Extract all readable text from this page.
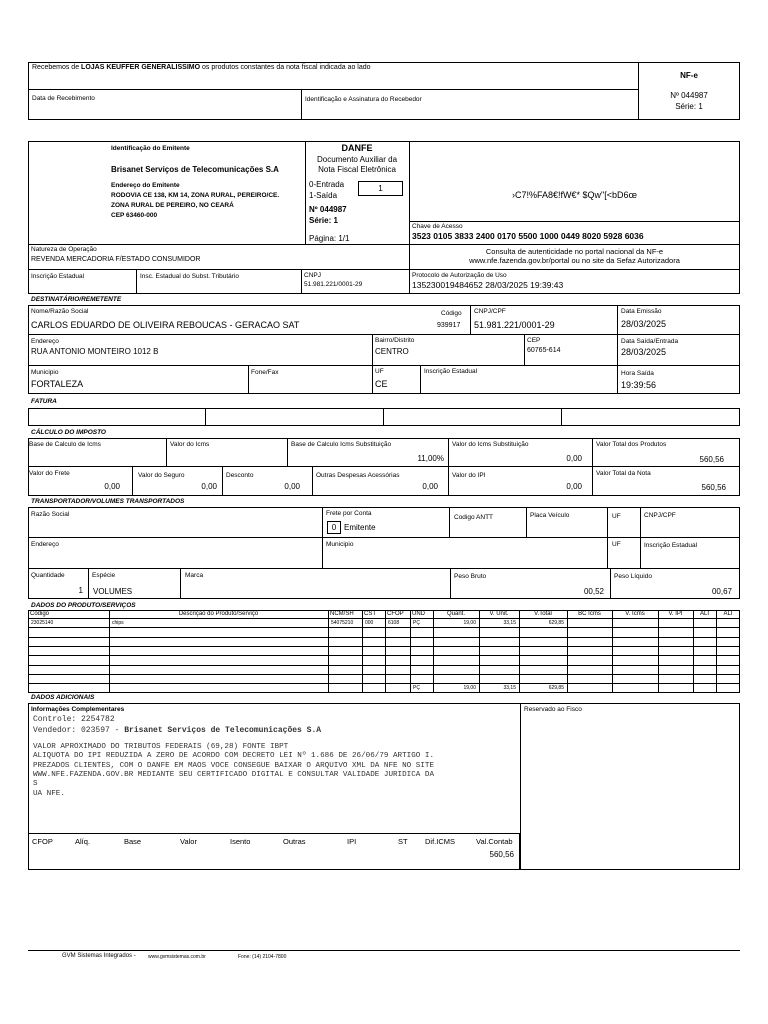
Recebemos de LOJAS KEUFFER GENERALISSIMO os produtos constantes da nota fiscal indicada ao lado
Data de Recebimento	Identificação e Assinatura do Recebedor
NF-e
Nº 044987
Série: 1
Identificação do Emitente
Brisanet Serviços de Telecomunicações S.A
Endereço do Emitente
RODOVIA CE 138, KM 14, ZONA RURAL, PEREIRO/CE.
ZONA RURAL DE PEREIRO, NO CEARÁ
CEP 63460-000
DANFE
Documento Auxiliar da
Nota Fiscal Eletrônica
0-Entrada
1-Saída
1
Nº 044987
Série: 1
Página: 1/1
›C7!%FA8€!fW€* $Qw"[<bD6œ
Chave de Acesso
3523 0105 3833 2400 0170 5500 1000 0449 8020 5928 6036
Natureza de Operação
REVENDA MERCADORIA F/ESTADO CONSUMIDOR
Consulta de autenticidade no portal nacional da NF-e
www.nfe.fazenda.gov.br/portal ou no site da Sefaz Autorizadora
Inscrição Estadual	Insc. Estadual do Subst. Tributário	CNPJ
51.981.221/0001-29
Protocolo de Autorização de Uso
135230019484652 28/03/2025 19:39:43
DESTINATÁRIO/REMETENTE
Nome/Razão Social
CARLOS EDUARDO DE OLIVEIRA REBOUCAS - GERACAO SAT
Código
939917
CNPJ/CPF
51.981.221/0001-29
Data Emissão
28/03/2025
Endereço
RUA ANTONIO MONTEIRO 1012 B
Bairro/Distrito
CENTRO
CEP
60765-614
Data Saída/Entrada
28/03/2025
Municipio
FORTALEZA
Fone/Fax	UF
CE
Inscrição Estadual	Hora Saída
19:39:56
FATURA
CÁLCULO DO IMPOSTO
Base de Calculo de Icms	Valor do Icms	Base de Calculo Icms Substituição
11,00%
Valor do Icms Substituição
0,00
Valor Total dos Produtos
560,56
Valor do Frete
0,00
Valor do Seguro
0,00
Desconto
0,00
Outras Despesas Acessórias
0,00
Valor do IPI
0,00
Valor Total da Nota
560,56
TRANSPORTADOR/VOLUMES TRANSPORTADOS
Razão Social	Frete por Conta
0 Emitente
Codigo ANTT	Placa Veículo	UF	CNPJ/CPF
Endereço	Municipio	UF	Inscrição Estadual
Quantidade
1
Espécie
VOLUMES
Marca	Peso Bruto
00,52
Peso Líquido
00,67
DADOS DO PRODUTO/SERVIÇOS
Código	Descrição do Produto/Serviço	NCM/SH	CST	CFOP	UND	Quant.	V. Unit.	V.Total	BC Icms	V. Icms	V. IPI	ALI	ALI
23025140	chips	54075210	000	6108	PÇ	19,00	33,15	629,85
PÇ	19,00	33,15	629,85
DADOS ADICIONAIS
Informações Complementares	Reservado ao Fisco
Controle: 2254782
Vendedor: 023597 - Brisanet Serviços de Telecomunicações S.A
VALOR APROXIMADO DO TRIBUTOS FEDERAIS (69,28) FONTE IBPT
ALIQUOTA DO IPI REDUZIDA A ZERO DE ACORDO COM DECRETO LEI Nº 1.686 DE 26/06/79 ARTIGO I.
PREZADOS CLIENTES, COM O DANFE EM MAOS VOCE CONSEGUE BAIXAR O ARQUIVO XML DA NFE NO SITE
WWW.NFE.FAZENDA.GOV.BR MEDIANTE SEU CERTIFICADO DIGITAL E CONSULTAR VALIDADE JURIDICA DA
S
UA NFE.
CFOP	Alíq.	Base	Valor	Isento	Outras	IPI	ST Dif.ICMS	Val.Contab
560,56
GVM Sistemas Integrados - www.gvmsistemas.com.br	Fone: (14) 2104-7800
